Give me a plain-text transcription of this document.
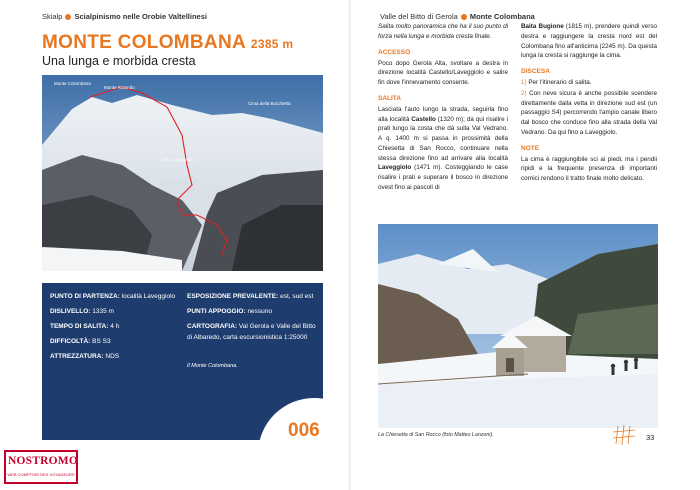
Skialp Scialpinismo nelle Orobie Valtellinesi
MONTE COLOMBANA 2385 m
Una lunga e morbida cresta
Monte Colombana
Monte Rotondo
Cima della Bocchetta
Loc. Laveggiolo
PUNTO DI PARTENZA: località Laveggiolo
DISLIVELLO: 1335 m
TEMPO DI SALITA: 4 h
DIFFICOLTÀ: BS S3
ATTREZZATURA: NDS
ESPOSIZIONE PREVALENTE: est, sud est
PUNTI APPOGGIO: nessuno
CARTOGRAFIA: Val Gerola e Valle del Bitto di Albaredo, carta escursionistica 1:25000
Il Monte Colombana.
006
NOSTROMO
WEB COMPTOIR DES VOYAGEURS
Valle del Bitto di Gerola Monte Colombana

Salita molto panoramica che ha il suo punto di forza nella lunga e morbida cresta finale.

ACCESSO

Poco dopo Gerola Alta, svoltare a destra in direzione località Castello/Laveggiolo e salire fin dove l'innevamento consente.

SALITA

Lasciata l'auto lungo la strada, seguirla fino alla località Castello (1320 m); da qui risalire i prati lungo la costa che dà sulla Val Vedrano. A q. 1400 m si passa in prossimità della Chiesetta di San Rocco, continuare nella stessa direzione fino ad arrivare alla località Laveggiolo (1471 m). Costeggiando le case risalire i prati e superare il bosco in direzione ovest fino ai pascoli di

Baita Bugione (1815 m), prendere quindi verso destra e raggiungere la cresta nord est del Colombana fino all'anticima (2245 m). Da questa lunga la cresta si raggiunge la cima.

DISCESA

1) Per l'itinerario di salita.

2) Con neve sicura è anche possibile scendere direttamente dalla vetta in direzione sud est (un passaggio S4) percorrendo l'ampio canale libero dal bosco che conduce fino alla strada della Val Vedrano. Da qui fino a Laveggiolo.

NOTE

La cima è raggiungibile sci ai piedi, ma i pendii ripidi e la frequente presenza di importanti cornici rendono il tratto finale molto delicato.

La Chiesetta di San Rocco (foto Matteo Lanzoni).	33
